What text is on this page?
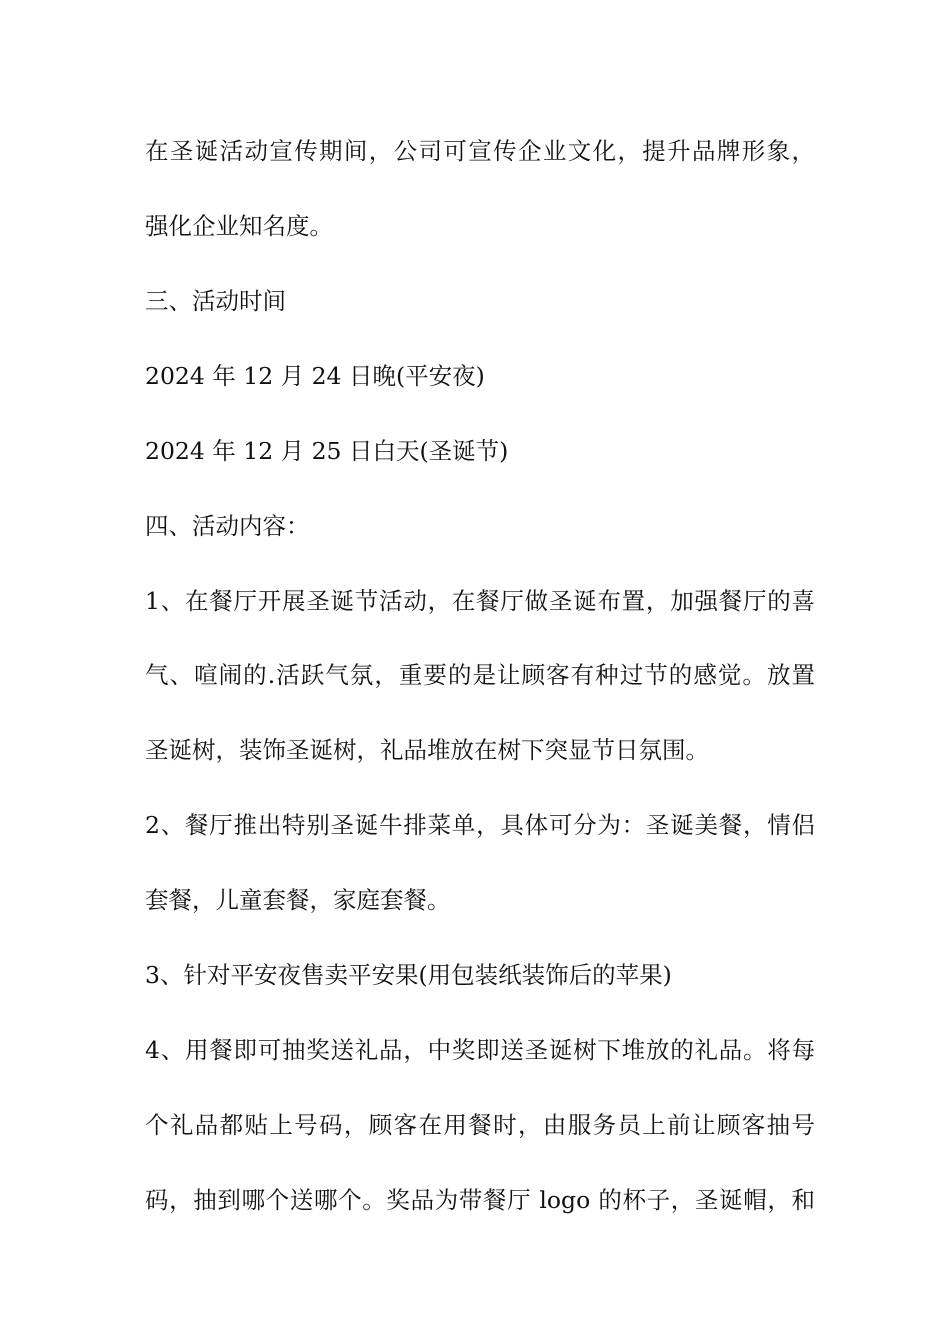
在圣诞活动宣传期间，公司可宣传企业文化，提升品牌形象，
强化企业知名度。
三、活动时间
2024 年 12 月 24 日晚(平安夜)
2024 年 12 月 25 日白天(圣诞节)
四、活动内容：
1、在餐厅开展圣诞节活动，在餐厅做圣诞布置，加强餐厅的喜
气、喧闹的.活跃气氛，重要的是让顾客有种过节的感觉。放置
圣诞树，装饰圣诞树，礼品堆放在树下突显节日氛围。
2、餐厅推出特别圣诞牛排菜单，具体可分为：圣诞美餐，情侣
套餐，儿童套餐，家庭套餐。
3、针对平安夜售卖平安果(用包装纸装饰后的苹果)
4、用餐即可抽奖送礼品，中奖即送圣诞树下堆放的礼品。将每
个礼品都贴上号码，顾客在用餐时，由服务员上前让顾客抽号
码，抽到哪个送哪个。奖品为带餐厅 logo 的杯子，圣诞帽，和
